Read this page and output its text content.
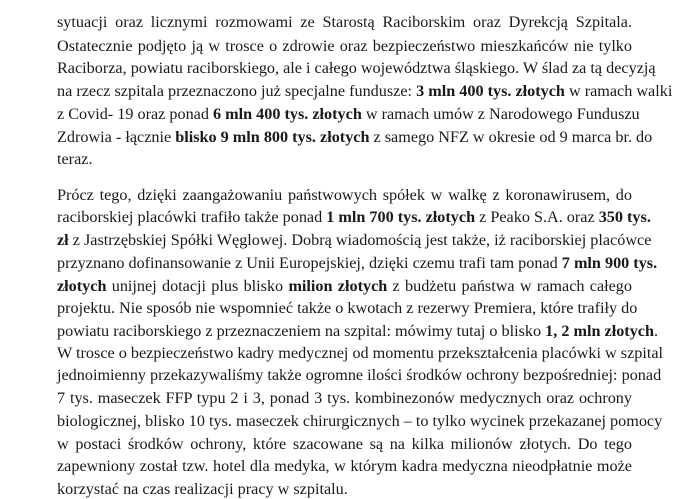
sytuacji oraz licznymi rozmowami ze Starostą Raciborskim oraz Dyrekcją Szpitala.
Ostatecznie podjęto ją w trosce o zdrowie oraz bezpieczeństwo mieszkańców nie tylko
Raciborza, powiatu raciborskiego, ale i całego województwa śląskiego. W ślad za tą decyzją
na rzecz szpitala przeznaczono już specjalne fundusze: 3 mln 400 tys. złotych w ramach walki
z Covid- 19 oraz ponad 6 mln 400 tys. złotych w ramach umów z Narodowego Funduszu
Zdrowia - łącznie blisko 9 mln 800 tys. złotych z samego NFZ w okresie od 9 marca br. do
teraz.
Prócz tego, dzięki zaangażowaniu państwowych spółek w walkę z koronawirusem, do
raciborskiej placówki trafiło także ponad 1 mln 700 tys. złotych z Peako S.A. oraz 350 tys.
zł z Jastrzębskiej Spółki Węglowej. Dobrą wiadomością jest także, iż raciborskiej placówce
przyznano dofinansowanie z Unii Europejskiej, dzięki czemu trafi tam ponad 7 mln 900 tys.
złotych unijnej dotacji plus blisko milion złotych z budżetu państwa w ramach całego
projektu. Nie sposób nie wspomnieć także o kwotach z rezerwy Premiera, które trafiły do
powiatu raciborskiego z przeznaczeniem na szpital: mówimy tutaj o blisko 1, 2 mln złotych.
W trosce o bezpieczeństwo kadry medycznej od momentu przekształcenia placówki w szpital
jednoimienny przekazywaliśmy także ogromne ilości środków ochrony bezpośredniej: ponad
7 tys. maseczek FFP typu 2 i 3, ponad 3 tys. kombinezonów medycznych oraz ochrony
biologicznej, blisko 10 tys. maseczek chirurgicznych – to tylko wycinek przekazanej pomocy
w postaci środków ochrony, które szacowane są na kilka milionów złotych. Do tego
zapewniony został tzw. hotel dla medyka, w którym kadra medyczna nieodpłatnie może
korzystać na czas realizacji pracy w szpitalu.
